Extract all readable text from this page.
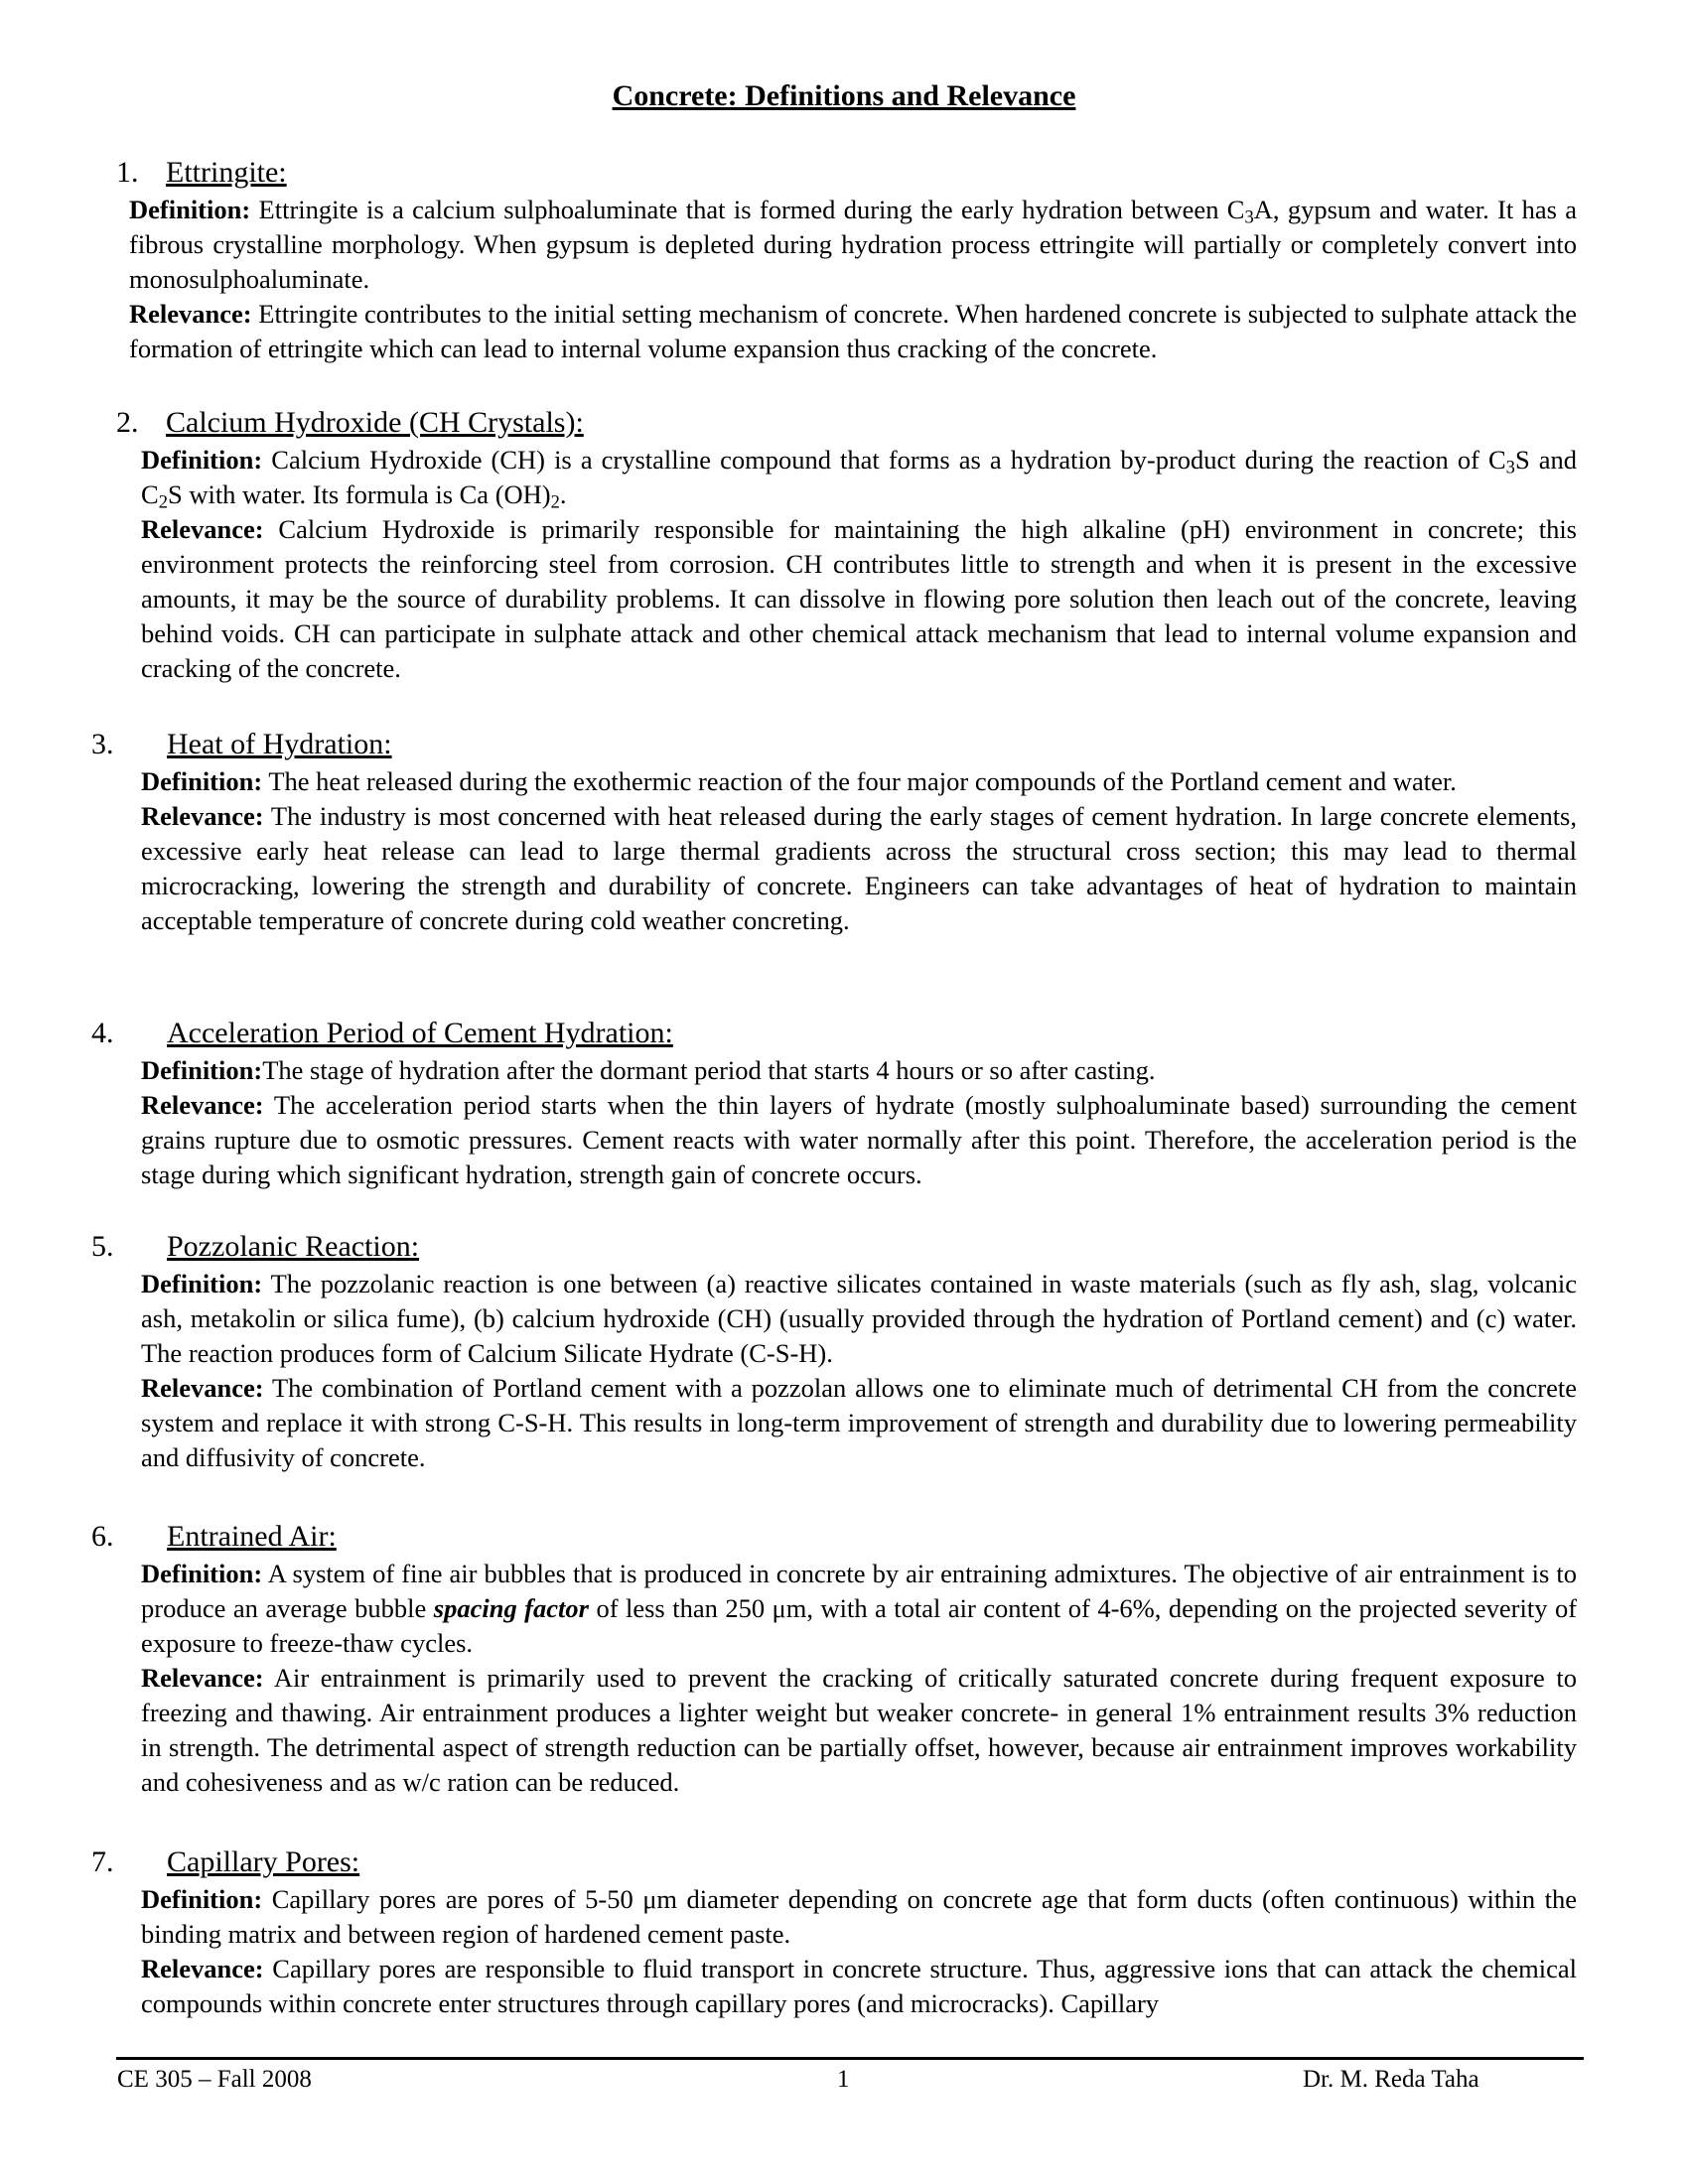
Concrete: Definitions and Relevance
1. Ettringite:

Definition: Ettringite is a calcium sulphoaluminate that is formed during the early hydration between $C_3A$, gypsum and water. It has a fibrous crystalline morphology. When gypsum is depleted during hydration process ettringite will partially or completely convert into monosulphoaluminate.

Relevance: Ettringite contributes to the initial setting mechanism of concrete. When hardened concrete is subjected to sulphate attack the formation of ettringite which can lead to internal volume expansion thus cracking of the concrete.

2. Calcium Hydroxide (CH Crystals):

Definition: Calcium Hydroxide (CH) is a crystalline compound that forms as a hydration by-product during the reaction of $C_3S$ and $C_2S$ with water. Its formula is Ca $(OH)_2$.

Relevance: Calcium Hydroxide is primarily responsible for maintaining the high alkaline (pH) environment in concrete; this environment protects the reinforcing steel from corrosion. CH contributes little to strength and when it is present in the excessive amounts, it may be the source of durability problems. It can dissolve in flowing pore solution then leach out of the concrete, leaving behind voids. CH can participate in sulphate attack and other chemical attack mechanism that lead to internal volume expansion and cracking of the concrete.

3. Heat of Hydration:

Definition: The heat released during the exothermic reaction of the four major compounds of the Portland cement and water.

Relevance: The industry is most concerned with heat released during the early stages of cement hydration. In large concrete elements, excessive early heat release can lead to large thermal gradients across the structural cross section; this may lead to thermal microcracking, lowering the strength and durability of concrete. Engineers can take advantages of heat of hydration to maintain acceptable temperature of concrete during cold weather concreting.

4. Acceleration Period of Cement Hydration:

Definition:The stage of hydration after the dormant period that starts 4 hours or so after casting.

Relevance: The acceleration period starts when the thin layers of hydrate (mostly sulphoaluminate based) surrounding the cement grains rupture due to osmotic pressures. Cement reacts with water normally after this point. Therefore, the acceleration period is the stage during which significant hydration, strength gain of concrete occurs.

5. Pozzolanic Reaction:

Definition: The pozzolanic reaction is one between (a) reactive silicates contained in waste materials (such as fly ash, slag, volcanic ash, metakolin or silica fume), (b) calcium hydroxide (CH) (usually provided through the hydration of Portland cement) and (c) water. The reaction produces form of Calcium Silicate Hydrate (C-S-H).

Relevance: The combination of Portland cement with a pozzolan allows one to eliminate much of detrimental CH from the concrete system and replace it with strong C-S-H. This results in long-term improvement of strength and durability due to lowering permeability and diffusivity of concrete.

6. Entrained Air:

Definition: A system of fine air bubbles that is produced in concrete by air entraining admixtures. The objective of air entrainment is to produce an average bubble spacing factor of less than 250 μm, with a total air content of 4-6%, depending on the projected severity of exposure to freeze-thaw cycles.

Relevance: Air entrainment is primarily used to prevent the cracking of critically saturated concrete during frequent exposure to freezing and thawing. Air entrainment produces a lighter weight but weaker concrete- in general 1% entrainment results 3% reduction in strength. The detrimental aspect of strength reduction can be partially offset, however, because air entrainment improves workability and cohesiveness and as w/c ration can be reduced.

7. Capillary Pores:

Definition: Capillary pores are pores of 5-50 μm diameter depending on concrete age that form ducts (often continuous) within the binding matrix and between region of hardened cement paste.

Relevance: Capillary pores are responsible to fluid transport in concrete structure. Thus, aggressive ions that can attack the chemical compounds within concrete enter structures through capillary pores (and microcracks). Capillary

CE 305 – Fall 2008	1	Dr. M. Reda Taha
